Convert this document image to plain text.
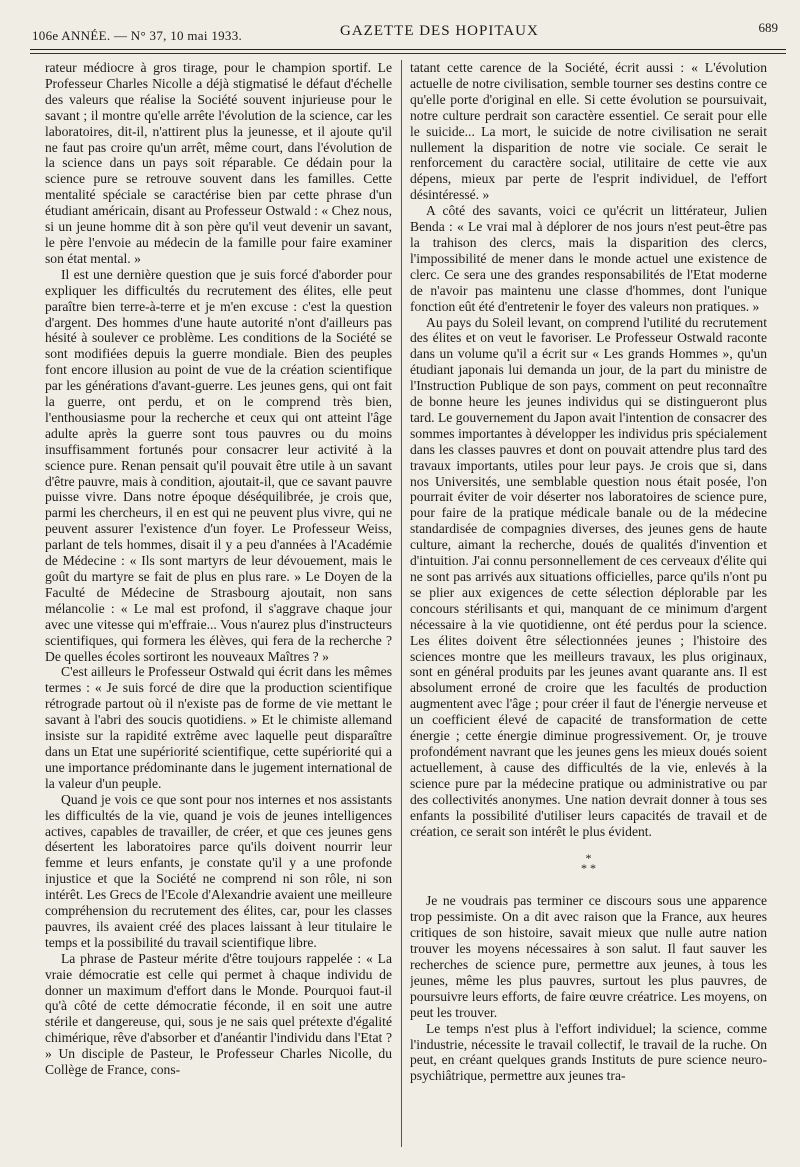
106e ANNÉE. — N° 37, 10 mai 1933.	GAZETTE DES HOPITAUX	689

rateur médiocre à gros tirage, pour le champion sportif. Le Professeur Charles Nicolle a déjà stigmatisé le défaut d'échelle des valeurs que réalise la Société souvent injurieuse pour le savant ; il montre qu'elle arrête l'évolution de la science, car les laboratoires, dit-il, n'attirent plus la jeunesse, et il ajoute qu'il ne faut pas croire qu'un arrêt, même court, dans l'évolution de la science dans un pays soit réparable. Ce dédain pour la science pure se retrouve souvent dans les familles. Cette mentalité spéciale se caractérise bien par cette phrase d'un étudiant américain, disant au Professeur Ostwald : « Chez nous, si un jeune homme dit à son père qu'il veut devenir un savant, le père l'envoie au médecin de la famille pour faire examiner son état mental. »

Il est une dernière question que je suis forcé d'aborder pour expliquer les difficultés du recrutement des élites, elle peut paraître bien terre-à-terre et je m'en excuse : c'est la question d'argent. Des hommes d'une haute autorité n'ont d'ailleurs pas hésité à soulever ce problème. Les conditions de la Société se sont modifiées depuis la guerre mondiale. Bien des peuples font encore illusion au point de vue de la création scientifique par les générations d'avant-guerre. Les jeunes gens, qui ont fait la guerre, ont perdu, et on le comprend très bien, l'enthousiasme pour la recherche et ceux qui ont atteint l'âge adulte après la guerre sont tous pauvres ou du moins insuffisamment fortunés pour consacrer leur activité à la science pure. Renan pensait qu'il pouvait être utile à un savant d'être pauvre, mais à condition, ajoutait-il, que ce savant pauvre puisse vivre. Dans notre époque déséquilibrée, je crois que, parmi les chercheurs, il en est qui ne peuvent plus vivre, qui ne peuvent assurer l'existence d'un foyer. Le Professeur Weiss, parlant de tels hommes, disait il y a peu d'années à l'Académie de Médecine : « Ils sont martyrs de leur dévouement, mais le goût du martyre se fait de plus en plus rare. » Le Doyen de la Faculté de Médecine de Strasbourg ajoutait, non sans mélancolie : « Le mal est profond, il s'aggrave chaque jour avec une vitesse qui m'effraie... Vous n'aurez plus d'instructeurs scientifiques, qui formera les élèves, qui fera de la recherche ? De quelles écoles sortiront les nouveaux Maîtres ? »

C'est ailleurs le Professeur Ostwald qui écrit dans les mêmes termes : « Je suis forcé de dire que la production scientifique rétrograde partout où il n'existe pas de forme de vie mettant le savant à l'abri des soucis quotidiens. » Et le chimiste allemand insiste sur la rapidité extrême avec laquelle peut disparaître dans un Etat une supériorité scientifique, cette supériorité qui a une importance prédominante dans le jugement international de la valeur d'un peuple.

Quand je vois ce que sont pour nos internes et nos assistants les difficultés de la vie, quand je vois de jeunes intelligences actives, capables de travailler, de créer, et que ces jeunes gens désertent les laboratoires parce qu'ils doivent nourrir leur femme et leurs enfants, je constate qu'il y a une profonde injustice et que la Société ne comprend ni son rôle, ni son intérêt. Les Grecs de l'Ecole d'Alexandrie avaient une meilleure compréhension du recrutement des élites, car, pour les classes pauvres, ils avaient créé des places laissant à leur titulaire le temps et la possibilité du travail scientifique libre.

La phrase de Pasteur mérite d'être toujours rappelée : « La vraie démocratie est celle qui permet à chaque individu de donner un maximum d'effort dans le Monde. Pourquoi faut-il qu'à côté de cette démocratie féconde, il en soit une autre stérile et dangereuse, qui, sous je ne sais quel prétexte d'égalité chimérique, rêve d'absorber et d'anéantir l'individu dans l'Etat ? » Un disciple de Pasteur, le Professeur Charles Nicolle, du Collège de France, cons-

tatant cette carence de la Société, écrit aussi : « L'évolution actuelle de notre civilisation, semble tourner ses destins contre ce qu'elle porte d'original en elle. Si cette évolution se poursuivait, notre culture perdrait son caractère essentiel. Ce serait pour elle le suicide... La mort, le suicide de notre civilisation ne serait nullement la disparition de notre vie sociale. Ce serait le renforcement du caractère social, utilitaire de cette vie aux dépens, mieux par perte de l'esprit individuel, de l'effort désintéressé. »

A côté des savants, voici ce qu'écrit un littérateur, Julien Benda : « Le vrai mal à déplorer de nos jours n'est peut-être pas la trahison des clercs, mais la disparition des clercs, l'impossibilité de mener dans le monde actuel une existence de clerc. Ce sera une des grandes responsabilités de l'Etat moderne de n'avoir pas maintenu une classe d'hommes, dont l'unique fonction eût été d'entretenir le foyer des valeurs non pratiques. »

Au pays du Soleil levant, on comprend l'utilité du recrutement des élites et on veut le favoriser. Le Professeur Ostwald raconte dans un volume qu'il a écrit sur « Les grands Hommes », qu'un étudiant japonais lui demanda un jour, de la part du ministre de l'Instruction Publique de son pays, comment on peut reconnaître de bonne heure les jeunes individus qui se distingueront plus tard. Le gouvernement du Japon avait l'intention de consacrer des sommes importantes à développer les individus pris spécialement dans les classes pauvres et dont on pouvait attendre plus tard des travaux importants, utiles pour leur pays. Je crois que si, dans nos Universités, une semblable question nous était posée, l'on pourrait éviter de voir déserter nos laboratoires de science pure, pour faire de la pratique médicale banale ou de la médecine standardisée de compagnies diverses, des jeunes gens de haute culture, aimant la recherche, doués de qualités d'invention et d'intuition. J'ai connu personnellement de ces cerveaux d'élite qui ne sont pas arrivés aux situations officielles, parce qu'ils n'ont pu se plier aux exigences de cette sélection déplorable par les concours stérilisants et qui, manquant de ce minimum d'argent nécessaire à la vie quotidienne, ont été perdus pour la science. Les élites doivent être sélectionnées jeunes ; l'histoire des sciences montre que les meilleurs travaux, les plus originaux, sont en général produits par les jeunes avant quarante ans. Il est absolument erroné de croire que les facultés de production augmentent avec l'âge ; pour créer il faut de l'énergie nerveuse et un coefficient élevé de capacité de transformation de cette énergie ; cette énergie diminue progressivement. Or, je trouve profondément navrant que les jeunes gens les mieux doués soient actuellement, à cause des difficultés de la vie, enlevés à la science pure par la médecine pratique ou administrative ou par des collectivités anonymes. Une nation devrait donner à tous ses enfants la possibilité d'utiliser leurs capacités de travail et de création, ce serait son intérêt le plus évident.

*
* *

Je ne voudrais pas terminer ce discours sous une apparence trop pessimiste. On a dit avec raison que la France, aux heures critiques de son histoire, savait mieux que nulle autre nation trouver les moyens nécessaires à son salut. Il faut sauver les recherches de science pure, permettre aux jeunes, à tous les jeunes, même les plus pauvres, surtout les plus pauvres, de poursuivre leurs efforts, de faire œuvre créatrice. Les moyens, on peut les trouver.

Le temps n'est plus à l'effort individuel; la science, comme l'industrie, nécessite le travail collectif, le travail de la ruche. On peut, en créant quelques grands Instituts de pure science neuro-psychiâtrique, permettre aux jeunes tra-
